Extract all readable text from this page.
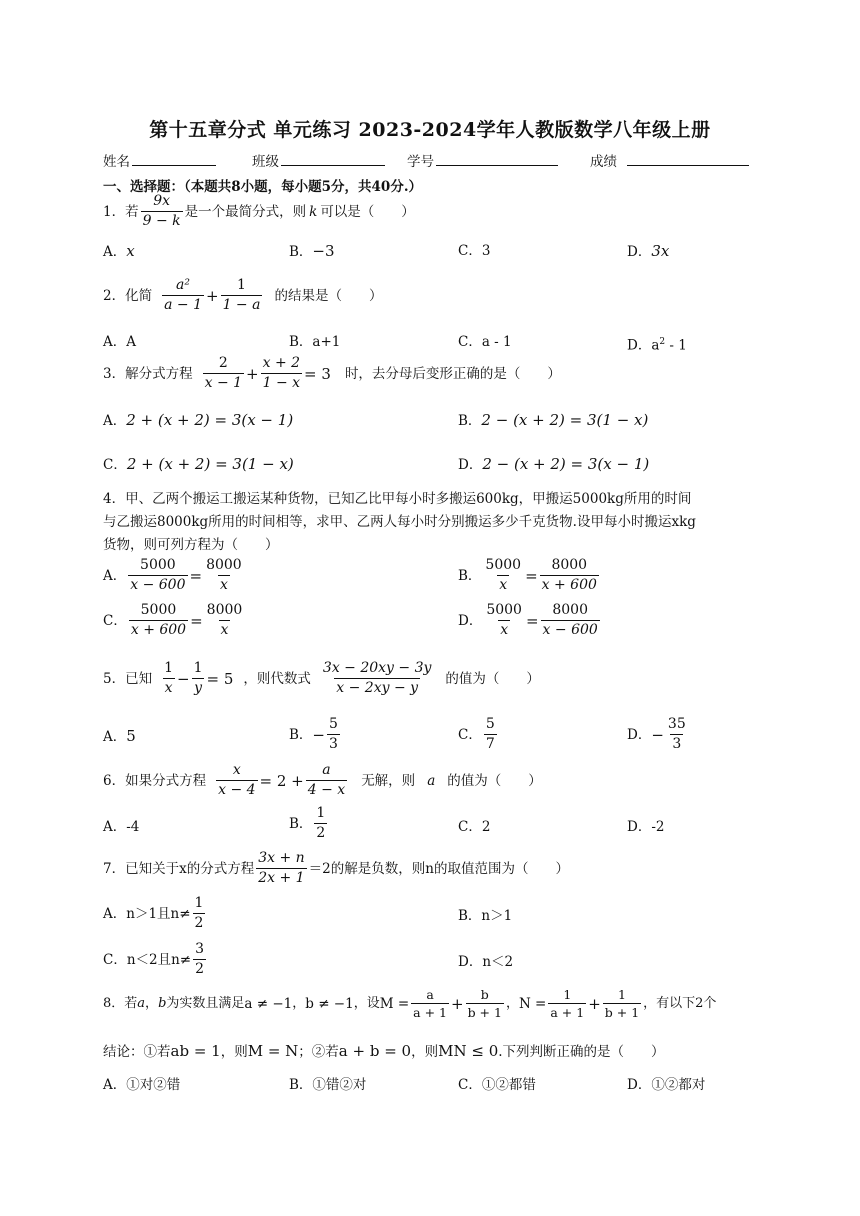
第十五章分式 单元练习 2023-2024学年人教版数学八年级上册
姓名	班级	学号	成绩
一、选择题：（本题共8小题，每小题5分，共40分.）
1．若 $\frac{9x}{9 - k}$ 是一个最简分式，则 k 可以是（　　）
A．x	B．−3	C．3	D．3x
2．化简 $\frac{\text{a²}}{a - 1} + \frac{1}{1 - a}$ 的结果是（　　）
A．A	B．a+1	C．a - 1	D．$a^2 - 1$
3．解分式方程 $\frac{2}{x - 1} + \frac{x + 2}{1 - x} = 3$ 时，去分母后变形正确的是（　　）
A．2 + (x + 2) = 3(x − 1)	B．2 − (x + 2) = 3(1 − x)
C．2 + (x + 2) = 3(1 − x)	D．2 − (x + 2) = 3(x − 1)
4．甲、乙两个搬运工搬运某种货物，已知乙比甲每小时多搬运600kg，甲搬运5000kg所用的时间
与乙搬运8000kg所用的时间相等，求甲、乙两人每小时分别搬运多少千克货物.设甲每小时搬运xkg
货物，则可列方程为（　　）
A． $\frac{5000}{x - 600} = \frac{8000}{x}$	B． $\frac{5000}{x} = \frac{8000}{x + 600}$
C． $\frac{5000}{x + 600} = \frac{8000}{x}$	D． $\frac{5000}{x} = \frac{8000}{x - 600}$
5．已知 $\frac{1}{x} - \frac{1}{y} = 5$ ，则代数式 $\frac{3x - 20xy - 3y}{x - 2xy - y}$ 的值为（　　）
A．5	B． − $\frac{5}{3}$	C． $\frac{5}{7}$	D． − $\frac{35}{3}$
6．如果分式方程 $\frac{x}{x - 4} = 2 + \frac{a}{4 - x}$ 无解，则 a 的值为（　　）
A．-4	B． $\frac{1}{2}$	C．2	D．-2
7．已知关于x的分式方程 $\frac{3x + n}{2x + 1} =2$的解是负数，则n的取值范围为（　　）
A．n＞1且$n\ne \frac{1}{2}$	B．n＞1
C．n＜2且$n\ne \frac{3}{2}$	D．n＜2
8．若 a ， b 为实数且满足 a ≠ −1 ， b ≠ −1 ，设 $M = \frac{a}{a + 1} + \frac{b}{b + 1}$ ， $N = \frac{1}{a + 1} + \frac{1}{b + 1}$ ，有以下2个
结论：①若ab = 1，则M = N；②若a + b = 0，则MN ≤ 0.下列判断正确的是（　　）
A．①对②错	B．①错②对	C．①②都错	D．①②都对
